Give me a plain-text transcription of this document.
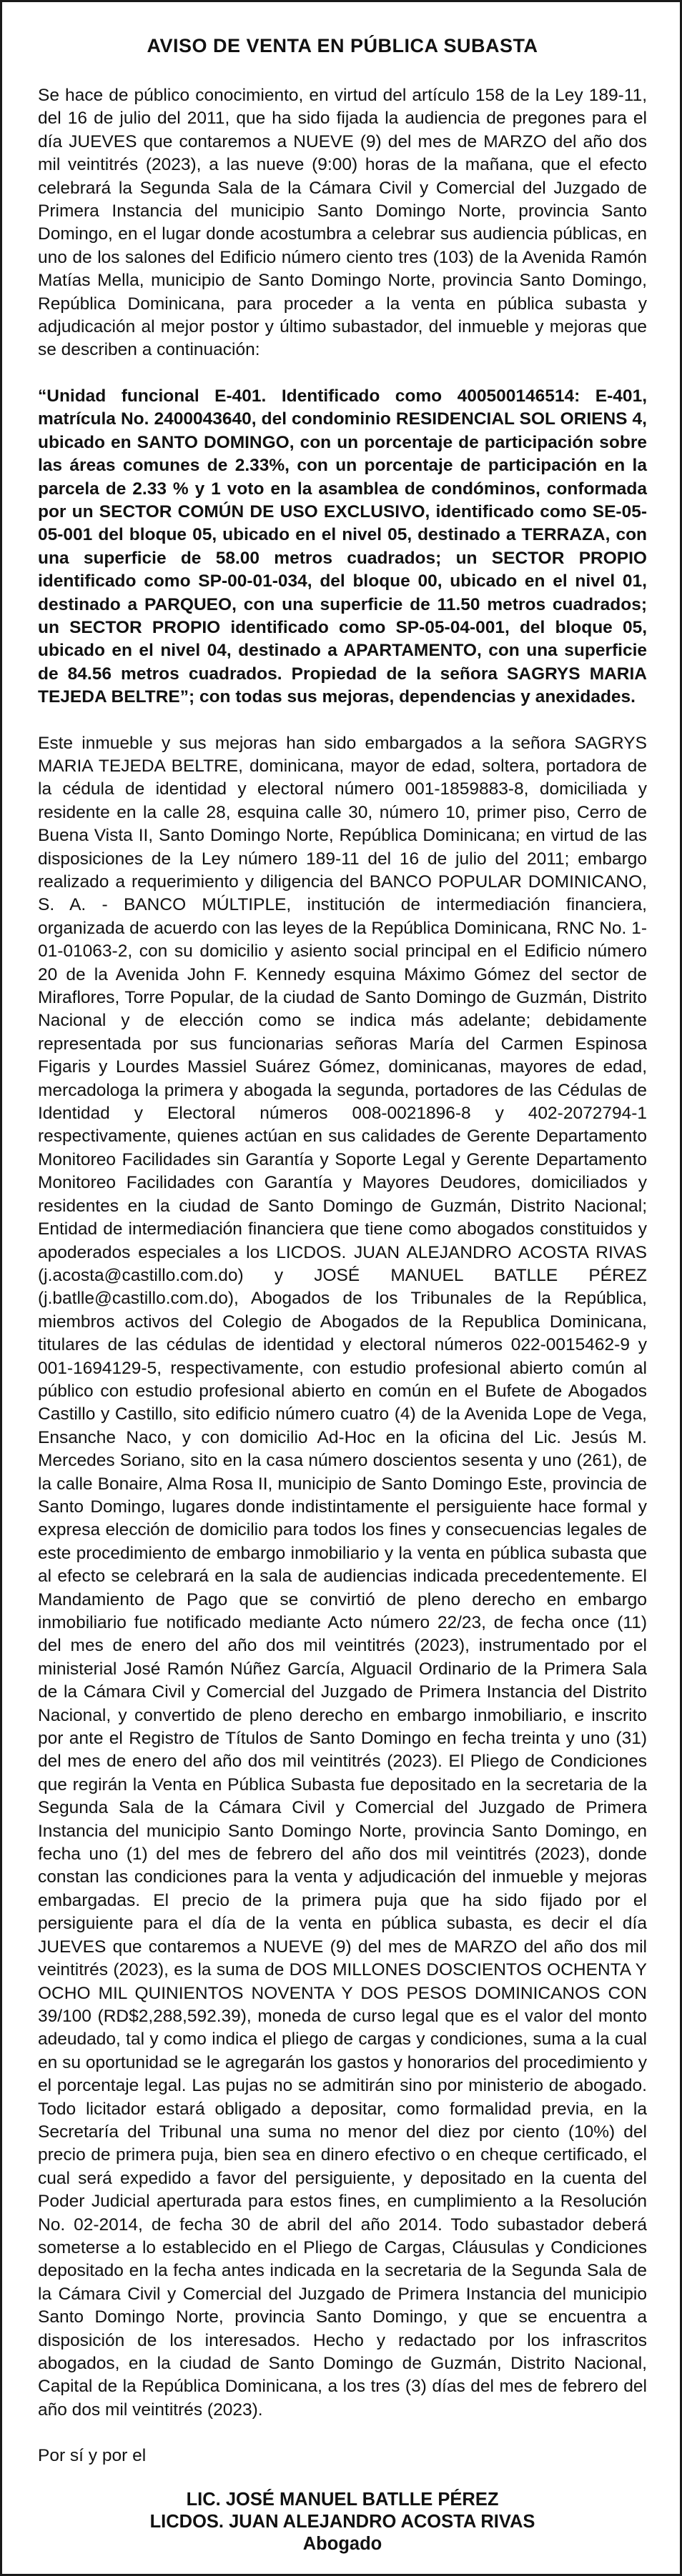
AVISO DE VENTA EN PÚBLICA SUBASTA

Se hace de público conocimiento, en virtud del artículo 158 de la Ley 189-11, del 16 de julio del 2011, que ha sido fijada la audiencia de pregones para el día JUEVES que contaremos a NUEVE (9) del mes de MARZO del año dos mil veintitrés (2023), a las nueve (9:00) horas de la mañana, que el efecto celebrará la Segunda Sala de la Cámara Civil y Comercial del Juzgado de Primera Instancia del municipio Santo Domingo Norte, provincia Santo Domingo, en el lugar donde acostumbra a celebrar sus audiencia públicas, en uno de los salones del Edificio número ciento tres (103) de la Avenida Ramón Matías Mella, municipio de Santo Domingo Norte, provincia Santo Domingo, República Dominicana, para proceder a la venta en pública subasta y adjudicación al mejor postor y último subastador, del inmueble y mejoras que se describen a continuación:

“Unidad funcional E-401. Identificado como 400500146514: E-401, matrícula No. 2400043640, del condominio RESIDENCIAL SOL ORIENS 4, ubicado en SANTO DOMINGO, con un porcentaje de participación sobre las áreas comunes de 2.33%, con un porcentaje de participación en la parcela de 2.33 % y 1 voto en la asamblea de condóminos, conformada por un SECTOR COMÚN DE USO EXCLUSIVO, identificado como SE-05-05-001 del bloque 05, ubicado en el nivel 05, destinado a TERRAZA, con una superficie de 58.00 metros cuadrados; un SECTOR PROPIO identificado como SP-00-01-034, del bloque 00, ubicado en el nivel 01, destinado a PARQUEO, con una superficie de 11.50 metros cuadrados; un SECTOR PROPIO identificado como SP-05-04-001, del bloque 05, ubicado en el nivel 04, destinado a APARTAMENTO, con una superficie de 84.56 metros cuadrados. Propiedad de la señora SAGRYS MARIA TEJEDA BELTRE”; con todas sus mejoras, dependencias y anexidades.

Este inmueble y sus mejoras han sido embargados a la señora SAGRYS MARIA TEJEDA BELTRE, dominicana, mayor de edad, soltera, portadora de la cédula de identidad y electoral número 001-1859883-8, domiciliada y residente en la calle 28, esquina calle 30, número 10, primer piso, Cerro de Buena Vista II, Santo Domingo Norte, República Dominicana; en virtud de las disposiciones de la Ley número 189-11 del 16 de julio del 2011; embargo realizado a requerimiento y diligencia del BANCO POPULAR DOMINICANO, S. A. - BANCO MÚLTIPLE, institución de intermediación financiera, organizada de acuerdo con las leyes de la República Dominicana, RNC No. 1-01-01063-2, con su domicilio y asiento social principal en el Edificio número 20 de la Avenida John F. Kennedy esquina Máximo Gómez del sector de Miraflores, Torre Popular, de la ciudad de Santo Domingo de Guzmán, Distrito Nacional y de elección como se indica más adelante; debidamente representada por sus funcionarias señoras María del Carmen Espinosa Figaris y Lourdes Massiel Suárez Gómez, dominicanas, mayores de edad, mercadologa la primera y abogada la segunda, portadores de las Cédulas de Identidad y Electoral números 008-0021896-8 y 402-2072794-1 respectivamente, quienes actúan en sus calidades de Gerente Departamento Monitoreo Facilidades sin Garantía y Soporte Legal y Gerente Departamento Monitoreo Facilidades con Garantía y Mayores Deudores, domiciliados y residentes en la ciudad de Santo Domingo de Guzmán, Distrito Nacional; Entidad de intermediación financiera que tiene como abogados constituidos y apoderados especiales a los LICDOS. JUAN ALEJANDRO ACOSTA RIVAS (j.acosta@castillo.com.do) y JOSÉ MANUEL BATLLE PÉREZ (j.batlle@castillo.com.do), Abogados de los Tribunales de la República, miembros activos del Colegio de Abogados de la Republica Dominicana, titulares de las cédulas de identidad y electoral números 022-0015462-9 y 001-1694129-5, respectivamente, con estudio profesional abierto común al público con estudio profesional abierto en común en el Bufete de Abogados Castillo y Castillo, sito edificio número cuatro (4) de la Avenida Lope de Vega, Ensanche Naco, y con domicilio Ad-Hoc en la oficina del Lic. Jesús M. Mercedes Soriano, sito en la casa número doscientos sesenta y uno (261), de la calle Bonaire, Alma Rosa II, municipio de Santo Domingo Este, provincia de Santo Domingo, lugares donde indistintamente el persiguiente hace formal y expresa elección de domicilio para todos los fines y consecuencias legales de este procedimiento de embargo inmobiliario y la venta en pública subasta que al efecto se celebrará en la sala de audiencias indicada precedentemente. El Mandamiento de Pago que se convirtió de pleno derecho en embargo inmobiliario fue notificado mediante Acto número 22/23, de fecha once (11) del mes de enero del año dos mil veintitrés (2023), instrumentado por el ministerial José Ramón Núñez García, Alguacil Ordinario de la Primera Sala de la Cámara Civil y Comercial del Juzgado de Primera Instancia del Distrito Nacional, y convertido de pleno derecho en embargo inmobiliario, e inscrito por ante el Registro de Títulos de Santo Domingo en fecha treinta y uno (31) del mes de enero del año dos mil veintitrés (2023). El Pliego de Condiciones que regirán la Venta en Pública Subasta fue depositado en la secretaria de la Segunda Sala de la Cámara Civil y Comercial del Juzgado de Primera Instancia del municipio Santo Domingo Norte, provincia Santo Domingo, en fecha uno (1) del mes de febrero del año dos mil veintitrés (2023), donde constan las condiciones para la venta y adjudicación del inmueble y mejoras embargadas. El precio de la primera puja que ha sido fijado por el persiguiente para el día de la venta en pública subasta, es decir el día JUEVES que contaremos a NUEVE (9) del mes de MARZO del año dos mil veintitrés (2023), es la suma de DOS MILLONES DOSCIENTOS OCHENTA Y OCHO MIL QUINIENTOS NOVENTA Y DOS PESOS DOMINICANOS CON 39/100 (RD$2,288,592.39), moneda de curso legal que es el valor del monto adeudado, tal y como indica el pliego de cargas y condiciones, suma a la cual en su oportunidad se le agregarán los gastos y honorarios del procedimiento y el porcentaje legal. Las pujas no se admitirán sino por ministerio de abogado. Todo licitador estará obligado a depositar, como formalidad previa, en la Secretaría del Tribunal una suma no menor del diez por ciento (10%) del precio de primera puja, bien sea en dinero efectivo o en cheque certificado, el cual será expedido a favor del persiguiente, y depositado en la cuenta del Poder Judicial aperturada para estos fines, en cumplimiento a la Resolución No. 02-2014, de fecha 30 de abril del año 2014. Todo subastador deberá someterse a lo establecido en el Pliego de Cargas, Cláusulas y Condiciones depositado en la fecha antes indicada en la secretaria de la Segunda Sala de la Cámara Civil y Comercial del Juzgado de Primera Instancia del municipio Santo Domingo Norte, provincia Santo Domingo, y que se encuentra a disposición de los interesados. Hecho y redactado por los infrascritos abogados, en la ciudad de Santo Domingo de Guzmán, Distrito Nacional, Capital de la República Dominicana, a los tres (3) días del mes de febrero del año dos mil veintitrés (2023).

Por sí y por el
LIC. JOSÉ MANUEL BATLLE PÉREZ
LICDOS. JUAN ALEJANDRO ACOSTA RIVAS
Abogado
